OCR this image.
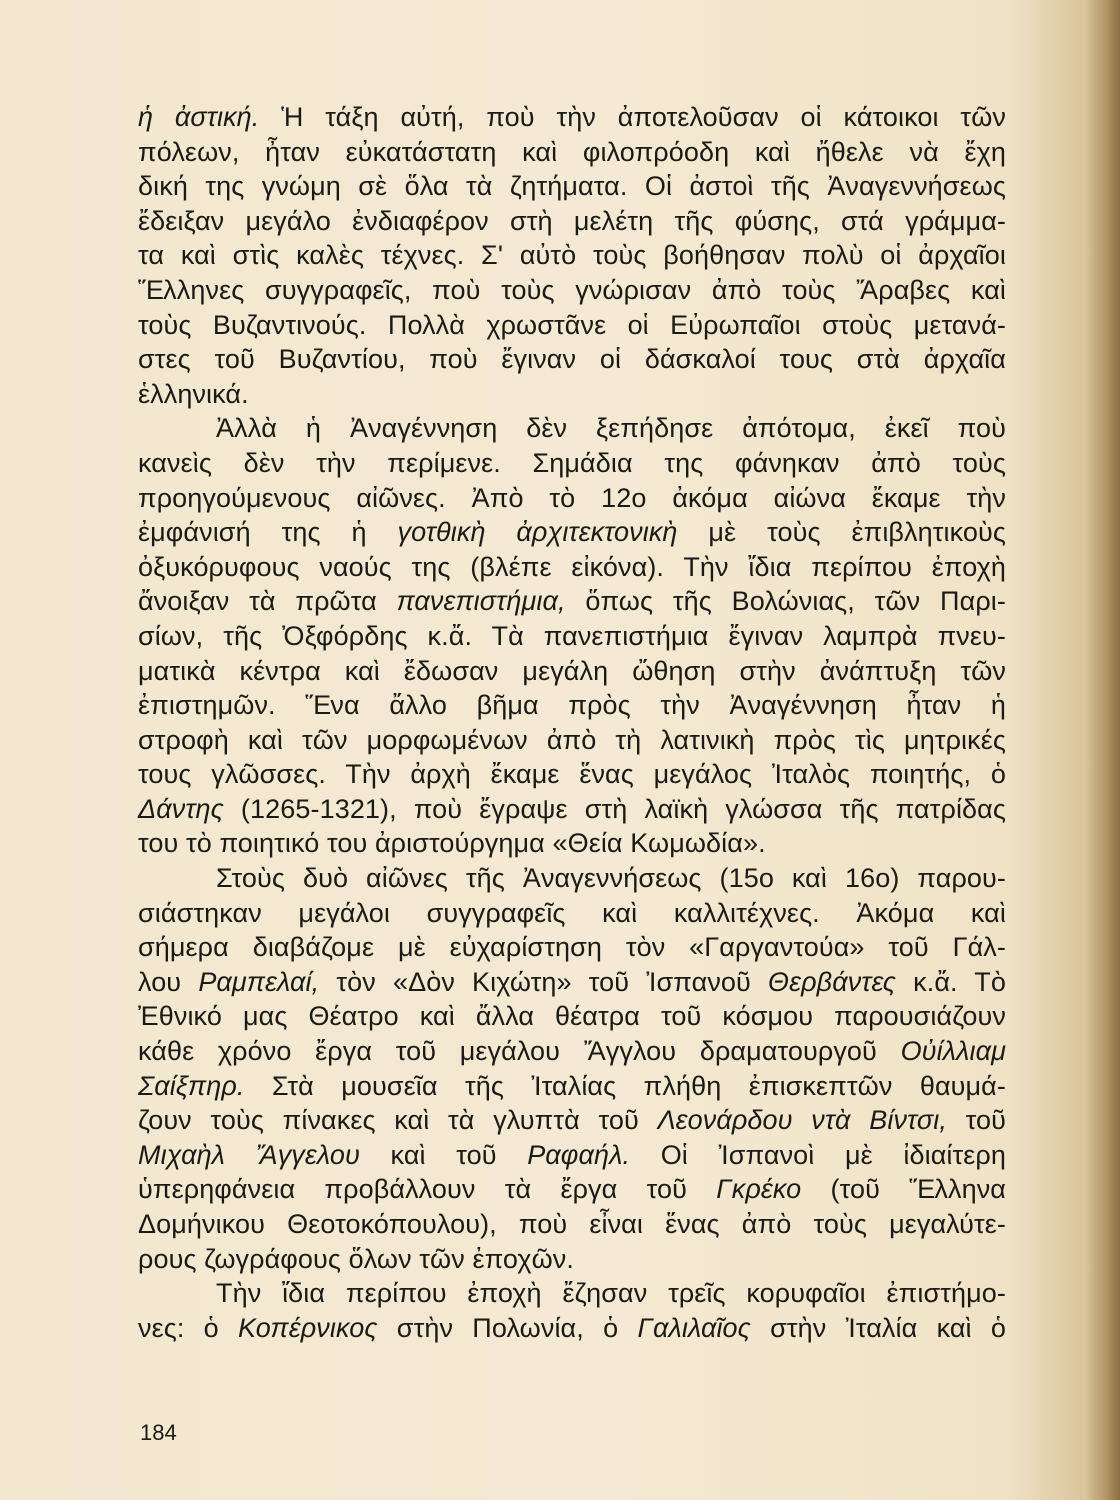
ἡ ἀστική. Ἡ τάξη αὐτή, ποὺ τὴν ἀποτελοῦσαν οἱ κάτοικοι τῶν
πόλεων, ἦταν εὐκατάστατη καὶ φιλοπρόοδη καὶ ἤθελε νὰ ἔχη
δική της γνώμη σὲ ὅλα τὰ ζητήματα. Οἱ ἀστοὶ τῆς Ἀναγεννήσεως
ἔδειξαν μεγάλο ἐνδιαφέρον στὴ μελέτη τῆς φύσης, στά γράμμα-
τα καὶ στὶς καλὲς τέχνες. Σ' αὐτὸ τοὺς βοήθησαν πολὺ οἱ ἀρχαῖοι
Ἕλληνες συγγραφεῖς, ποὺ τοὺς γνώρισαν ἀπὸ τοὺς Ἄραβες καὶ
τοὺς Βυζαντινούς. Πολλὰ χρωστᾶνε οἱ Εὐρωπαῖοι στοὺς μετανά-
στες τοῦ Βυζαντίου, ποὺ ἔγιναν οἱ δάσκαλοί τους στὰ ἀρχαῖα
ἑλληνικά.
Ἀλλὰ ἡ Ἀναγέννηση δὲν ξεπήδησε ἀπότομα, ἐκεῖ ποὺ
κανεὶς δὲν τὴν περίμενε. Σημάδια της φάνηκαν ἀπὸ τοὺς
προηγούμενους αἰῶνες. Ἀπὸ τὸ 12ο ἀκόμα αἰώνα ἔκαμε τὴν
ἐμφάνισή της ἡ γοτθικὴ ἀρχιτεκτονικὴ μὲ τοὺς ἐπιβλητικοὺς
ὀξυκόρυφους ναούς της (βλέπε εἰκόνα). Τὴν ἴδια περίπου ἐποχὴ
ἄνοιξαν τὰ πρῶτα πανεπιστήμια, ὅπως τῆς Βολώνιας, τῶν Παρι-
σίων, τῆς Ὀξφόρδης κ.ἄ. Τὰ πανεπιστήμια ἔγιναν λαμπρὰ πνευ-
ματικὰ κέντρα καὶ ἔδωσαν μεγάλη ὤθηση στὴν ἀνάπτυξη τῶν
ἐπιστημῶν. Ἕνα ἄλλο βῆμα πρὸς τὴν Ἀναγέννηση ἦταν ἡ
στροφὴ καὶ τῶν μορφωμένων ἀπὸ τὴ λατινικὴ πρὸς τὶς μητρικές
τους γλῶσσες. Τὴν ἀρχὴ ἔκαμε ἕνας μεγάλος Ἰταλὸς ποιητής, ὁ
Δάντης (1265-1321), ποὺ ἔγραψε στὴ λαϊκὴ γλώσσα τῆς πατρίδας
του τὸ ποιητικό του ἀριστούργημα «Θεία Κωμωδία».
Στοὺς δυὸ αἰῶνες τῆς Ἀναγεννήσεως (15ο καὶ 16ο) παρου-
σιάστηκαν μεγάλοι συγγραφεῖς καὶ καλλιτέχνες. Ἀκόμα καὶ
σήμερα διαβάζομε μὲ εὐχαρίστηση τὸν «Γαργαντούα» τοῦ Γάλ-
λου Ραμπελαί, τὸν «Δὸν Κιχώτη» τοῦ Ἰσπανοῦ Θερβάντες κ.ἄ. Τὸ
Ἐθνικό μας Θέατρο καὶ ἄλλα θέατρα τοῦ κόσμου παρουσιάζουν
κάθε χρόνο ἔργα τοῦ μεγάλου Ἄγγλου δραματουργοῦ Οὐίλλιαμ
Σαίξπηρ. Στὰ μουσεῖα τῆς Ἰταλίας πλήθη ἐπισκεπτῶν θαυμά-
ζουν τοὺς πίνακες καὶ τὰ γλυπτὰ τοῦ Λεονάρδου ντὰ Βίντσι, τοῦ
Μιχαὴλ Ἄγγελου καὶ τοῦ Ραφαήλ. Οἱ Ἰσπανοὶ μὲ ἰδιαίτερη
ὑπερηφάνεια προβάλλουν τὰ ἔργα τοῦ Γκρέκο (τοῦ Ἕλληνα
Δομήνικου Θεοτοκόπουλου), ποὺ εἶναι ἕνας ἀπὸ τοὺς μεγαλύτε-
ρους ζωγράφους ὅλων τῶν ἐποχῶν.
Τὴν ἴδια περίπου ἐποχὴ ἔζησαν τρεῖς κορυφαῖοι ἐπιστήμο-
νες: ὁ Κοπέρνικος στὴν Πολωνία, ὁ Γαλιλαῖος στὴν Ἰταλία καὶ ὁ
184
